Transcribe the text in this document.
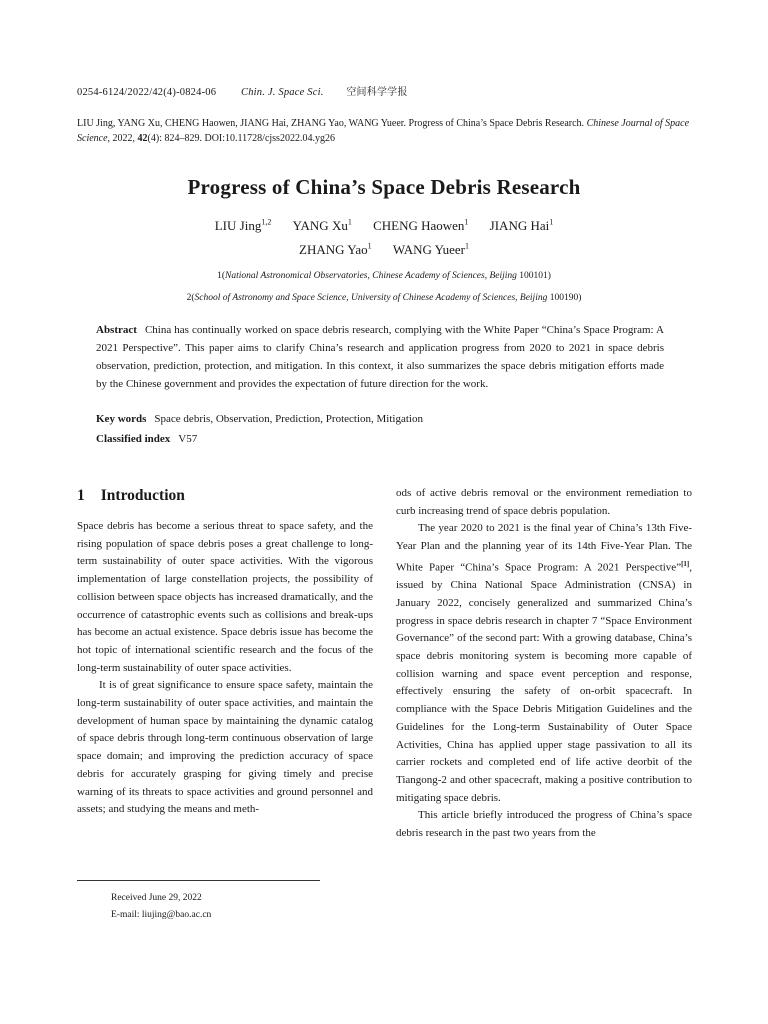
0254-6124/2022/42(4)-0824-06 Chin. J. Space Sci. 空间科学学报
LIU Jing, YANG Xu, CHENG Haowen, JIANG Hai, ZHANG Yao, WANG Yueer. Progress of China’s Space Debris Research. Chinese Journal of Space Science, 2022, 42(4): 824–829. DOI:10.11728/cjss2022.04.yg26
Progress of China’s Space Debris Research
LIU Jing$^{1,2}$ YANG Xu$^1$ CHENG Haowen$^1$ JIANG Hai$^1$
ZHANG Yao$^1$ WANG Yueer$^1$
1(National Astronomical Observatories, Chinese Academy of Sciences, Beijing 100101)
2(School of Astronomy and Space Science, University of Chinese Academy of Sciences, Beijing 100190)
Abstract China has continually worked on space debris research, complying with the White Paper “China’s Space Program: A 2021 Perspective”. This paper aims to clarify China’s research and application progress from 2020 to 2021 in space debris observation, prediction, protection, and mitigation. In this context, it also summarizes the space debris mitigation efforts made by the Chinese government and provides the expectation of future direction for the work.
Key words Space debris, Observation, Prediction, Protection, Mitigation
Classified index V57
1 Introduction

Space debris has become a serious threat to space safety, and the rising population of space debris poses a great challenge to long-term sustainability of outer space activities. With the vigorous implementation of large constellation projects, the possibility of collision between space objects has increased dramatically, and the occurrence of catastrophic events such as collisions and break-ups has become an actual existence. Space debris issue has become the hot topic of international scientific research and the focus of the long-term sustainability of outer space activities.

It is of great significance to ensure space safety, maintain the long-term sustainability of outer space activities, and maintain the development of human space by maintaining the dynamic catalog of space debris through long-term continuous observation of large space domain; and improving the prediction accuracy of space debris for accurately grasping for giving timely and precise warning of its threats to space activities and ground personnel and assets; and studying the means and meth-

ods of active debris removal or the environment remediation to curb increasing trend of space debris population.

The year 2020 to 2021 is the final year of China’s 13th Five-Year Plan and the planning year of its 14th Five-Year Plan. The White Paper “China’s Space Program: A 2021 Perspective”[1], issued by China National Space Administration (CNSA) in January 2022, concisely generalized and summarized China’s progress in space debris research in chapter 7 “Space Environment Governance” of the second part: With a growing database, China’s space debris monitoring system is becoming more capable of collision warning and space event perception and response, effectively ensuring the safety of on-orbit spacecraft. In compliance with the Space Debris Mitigation Guidelines and the Guidelines for the Long-term Sustainability of Outer Space Activities, China has applied upper stage passivation to all its carrier rockets and completed end of life active deorbit of the Tiangong-2 and other spacecraft, making a positive contribution to mitigating space debris.

This article briefly introduced the progress of China’s space debris research in the past two years from the

Received June 29, 2022
E-mail: liujing@bao.ac.cn
